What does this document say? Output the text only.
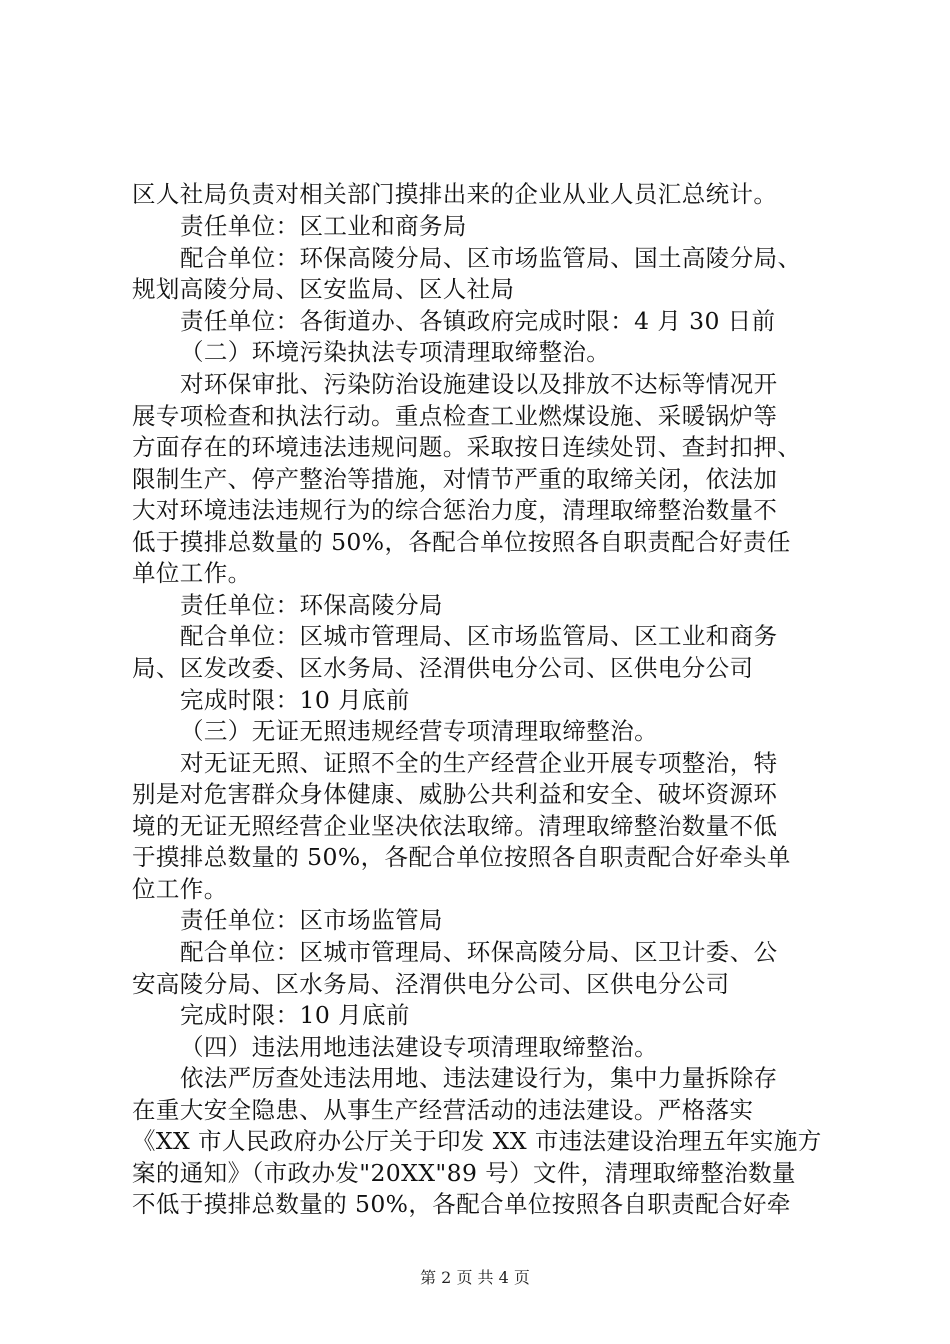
区人社局负责对相关部门摸排出来的企业从业人员汇总统计。
责任单位：区工业和商务局
配合单位：环保高陵分局、区市场监管局、国土高陵分局、
规划高陵分局、区安监局、区人社局
责任单位：各街道办、各镇政府完成时限：4 月 30 日前
（二）环境污染执法专项清理取缔整治。
对环保审批、污染防治设施建设以及排放不达标等情况开
展专项检查和执法行动。重点检查工业燃煤设施、采暖锅炉等
方面存在的环境违法违规问题。采取按日连续处罚、查封扣押、
限制生产、停产整治等措施，对情节严重的取缔关闭，依法加
大对环境违法违规行为的综合惩治力度，清理取缔整治数量不
低于摸排总数量的 50%，各配合单位按照各自职责配合好责任
单位工作。
责任单位：环保高陵分局
配合单位：区城市管理局、区市场监管局、区工业和商务
局、区发改委、区水务局、泾渭供电分公司、区供电分公司
完成时限：10 月底前
（三）无证无照违规经营专项清理取缔整治。
对无证无照、证照不全的生产经营企业开展专项整治，特
别是对危害群众身体健康、威胁公共利益和安全、破坏资源环
境的无证无照经营企业坚决依法取缔。清理取缔整治数量不低
于摸排总数量的 50%，各配合单位按照各自职责配合好牵头单
位工作。
责任单位：区市场监管局
配合单位：区城市管理局、环保高陵分局、区卫计委、公
安高陵分局、区水务局、泾渭供电分公司、区供电分公司
完成时限：10 月底前
（四）违法用地违法建设专项清理取缔整治。
依法严厉查处违法用地、违法建设行为，集中力量拆除存
在重大安全隐患、从事生产经营活动的违法建设。严格落实
《XX 市人民政府办公厅关于印发 XX 市违法建设治理五年实施方
案的通知》（市政办发"20XX"89 号）文件，清理取缔整治数量
不低于摸排总数量的 50%，各配合单位按照各自职责配合好牵
第 2 页 共 4 页
